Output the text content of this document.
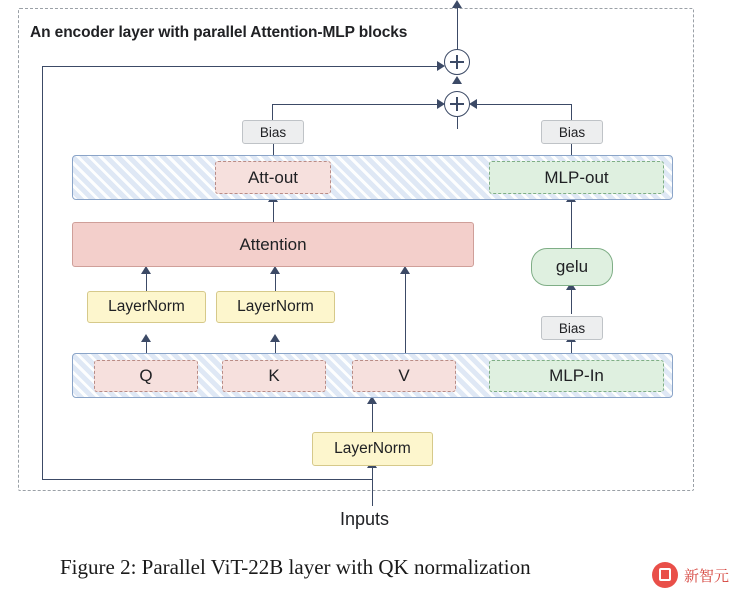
An encoder layer with parallel Attention-MLP blocks
Bias	Bias
Bias
Att-out	MLP-out
Attention
gelu
LayerNorm	LayerNorm
Q	K	V	MLP-In
LayerNorm
Inputs
Figure 2: Parallel ViT-22B layer with QK normalization	新智元
